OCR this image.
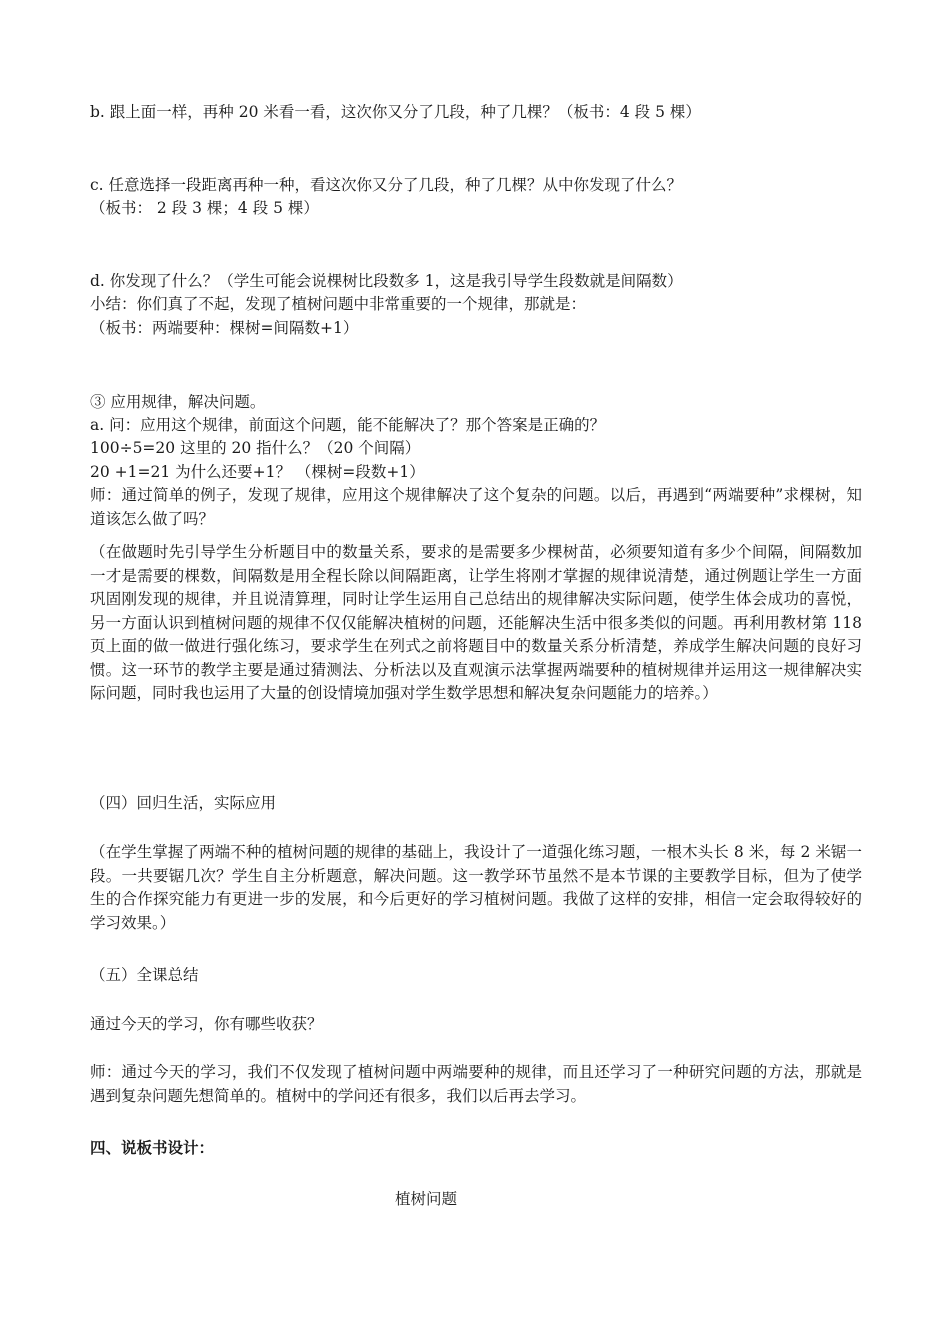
b. 跟上面一样，再种 20 米看一看，这次你又分了几段，种了几棵？（板书：4 段 5 棵）
c. 任意选择一段距离再种一种，看这次你又分了几段，种了几棵？从中你发现了什么？
（板书： 2 段 3 棵；4 段 5 棵）
d. 你发现了什么？（学生可能会说棵树比段数多 1，这是我引导学生段数就是间隔数）
小结：你们真了不起，发现了植树问题中非常重要的一个规律，那就是：
（板书：两端要种：棵树=间隔数+1）
③ 应用规律，解决问题。
a. 问：应用这个规律，前面这个问题，能不能解决了？那个答案是正确的？
100÷5=20 这里的 20 指什么？（20 个间隔）
20 +1=21 为什么还要+1？ （棵树=段数+1）
师：通过简单的例子，发现了规律，应用这个规律解决了这个复杂的问题。以后，再遇到“两端要种”求棵树，知道该怎么做了吗？
（在做题时先引导学生分析题目中的数量关系，要求的是需要多少棵树苗，必须要知道有多少个间隔，间隔数加一才是需要的棵数，间隔数是用全程长除以间隔距离，让学生将刚才掌握的规律说清楚，通过例题让学生一方面巩固刚发现的规律，并且说清算理，同时让学生运用自己总结出的规律解决实际问题，使学生体会成功的喜悦，另一方面认识到植树问题的规律不仅仅能解决植树的问题，还能解决生活中很多类似的问题。再利用教材第 118 页上面的做一做进行强化练习，要求学生在列式之前将题目中的数量关系分析清楚，养成学生解决问题的良好习惯。这一环节的教学主要是通过猜测法、分析法以及直观演示法掌握两端要种的植树规律并运用这一规律解决实际问题，同时我也运用了大量的创设情境加强对学生数学思想和解决复杂问题能力的培养。）
（四）回归生活，实际应用
（在学生掌握了两端不种的植树问题的规律的基础上，我设计了一道强化练习题，一根木头长 8 米，每 2 米锯一段。一共要锯几次？学生自主分析题意，解决问题。这一教学环节虽然不是本节课的主要教学目标，但为了使学生的合作探究能力有更进一步的发展，和今后更好的学习植树问题。我做了这样的安排，相信一定会取得较好的学习效果。）
（五）全课总结
通过今天的学习，你有哪些收获？
师：通过今天的学习，我们不仅发现了植树问题中两端要种的规律，而且还学习了一种研究问题的方法，那就是遇到复杂问题先想简单的。植树中的学问还有很多，我们以后再去学习。
四、说板书设计：
植树问题
